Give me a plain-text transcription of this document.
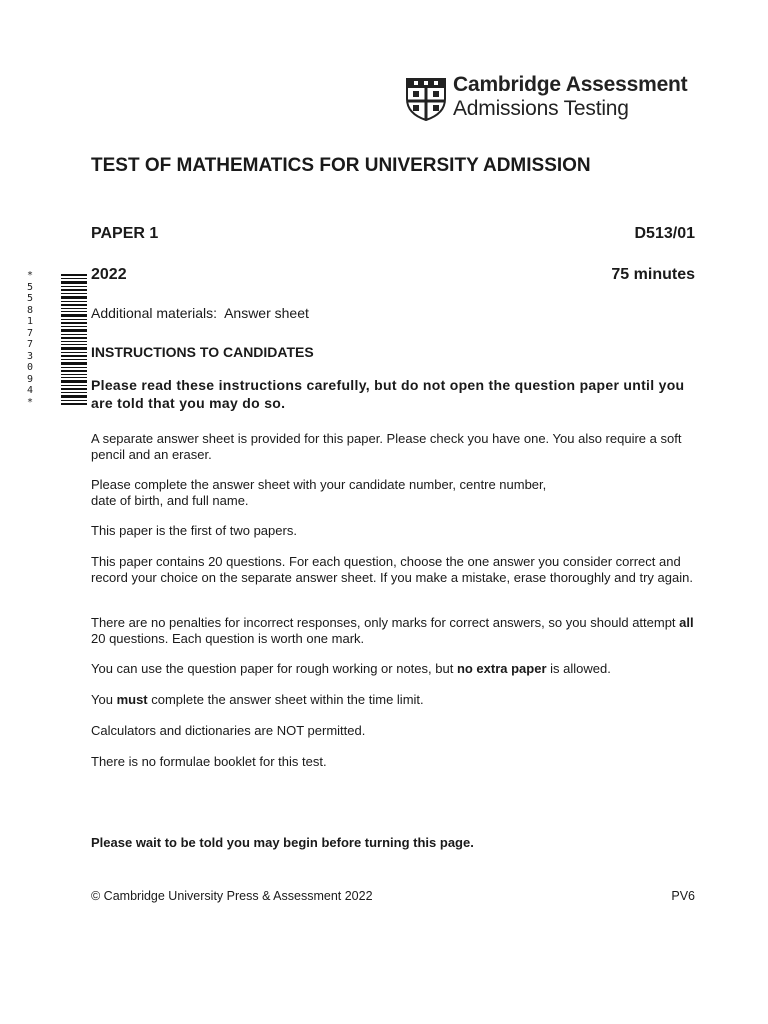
Cambridge Assessment
Admissions Testing
TEST OF MATHEMATICS FOR UNIVERSITY ADMISSION
PAPER 1	D513/01
2022	75 minutes
*
5
5
8
1
7
7
3
0
9
4
*
Additional materials:  Answer sheet
INSTRUCTIONS TO CANDIDATES
Please read these instructions carefully, but do not open the question paper until you are told that you may do so.

A separate answer sheet is provided for this paper. Please check you have one. You also require a soft pencil and an eraser.

Please complete the answer sheet with your candidate number, centre number,
date of birth, and full name.

This paper is the first of two papers.

This paper contains 20 questions. For each question, choose the one answer you consider correct and record your choice on the separate answer sheet. If you make a mistake, erase thoroughly and try again.

There are no penalties for incorrect responses, only marks for correct answers, so you should attempt all 20 questions. Each question is worth one mark.

You can use the question paper for rough working or notes, but no extra paper is allowed.

You must complete the answer sheet within the time limit.

Calculators and dictionaries are NOT permitted.

There is no formulae booklet for this test.

Please wait to be told you may begin before turning this page.
© Cambridge University Press & Assessment 2022	PV6
